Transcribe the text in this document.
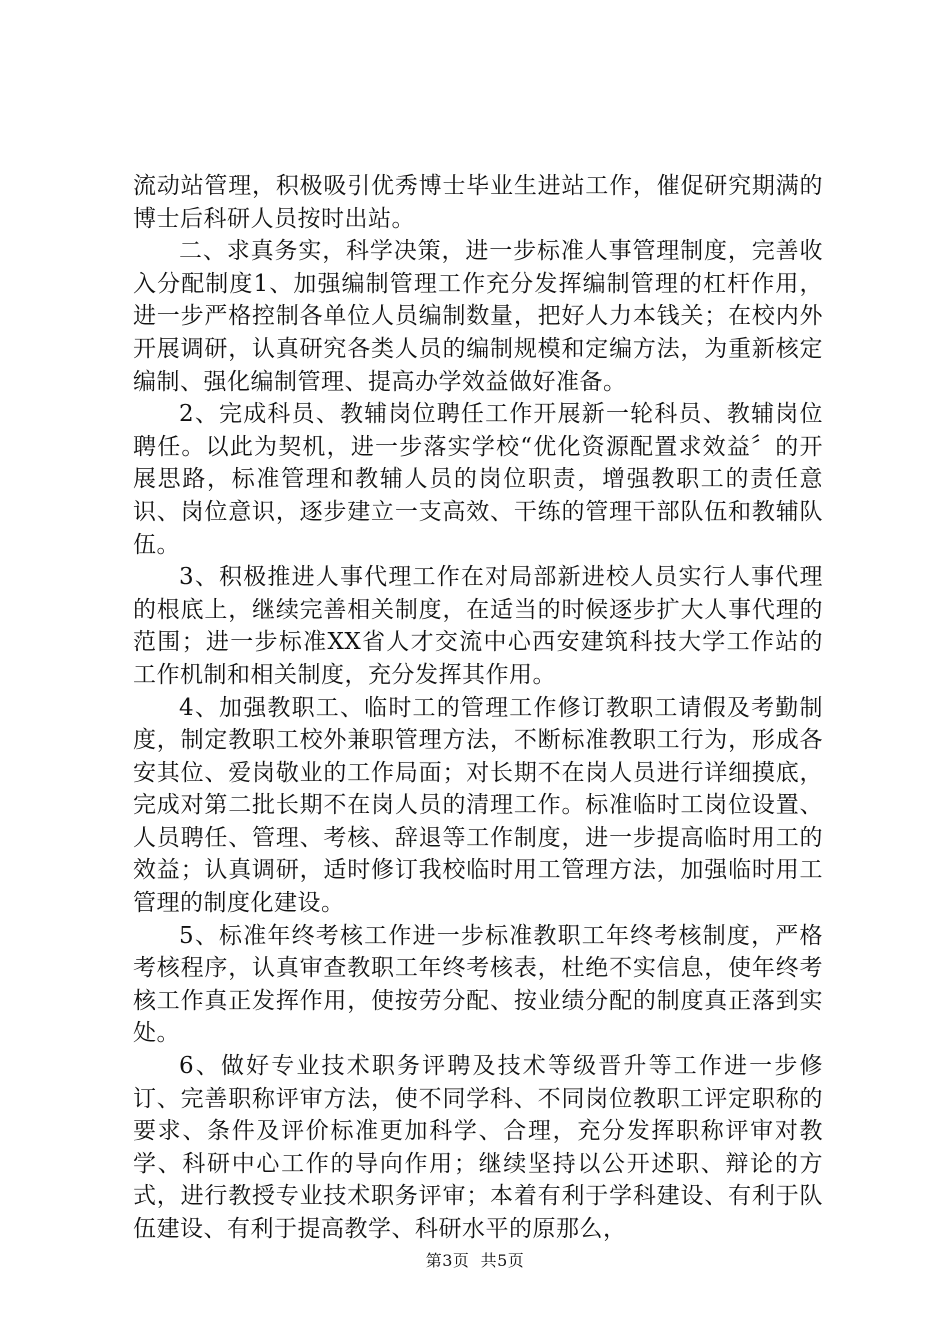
流动站管理，积极吸引优秀博士毕业生进站工作，催促研究期满的博士后科研人员按时出站。

二、求真务实，科学决策，进一步标准人事管理制度，完善收入分配制度1、加强编制管理工作充分发挥编制管理的杠杆作用，进一步严格控制各单位人员编制数量，把好人力本钱关；在校内外开展调研，认真研究各类人员的编制规模和定编方法，为重新核定编制、强化编制管理、提高办学效益做好准备。

2、完成科员、教辅岗位聘任工作开展新一轮科员、教辅岗位聘任。以此为契机，进一步落实学校“优化资源配置求效益〞的开展思路，标准管理和教辅人员的岗位职责，增强教职工的责任意识、岗位意识，逐步建立一支高效、干练的管理干部队伍和教辅队伍。

3、积极推进人事代理工作在对局部新进校人员实行人事代理的根底上，继续完善相关制度，在适当的时候逐步扩大人事代理的范围；进一步标准XX省人才交流中心西安建筑科技大学工作站的工作机制和相关制度，充分发挥其作用。

4、加强教职工、临时工的管理工作修订教职工请假及考勤制度，制定教职工校外兼职管理方法，不断标准教职工行为，形成各安其位、爱岗敬业的工作局面；对长期不在岗人员进行详细摸底，完成对第二批长期不在岗人员的清理工作。标准临时工岗位设置、人员聘任、管理、考核、辞退等工作制度，进一步提高临时用工的效益；认真调研，适时修订我校临时用工管理方法，加强临时用工管理的制度化建设。

5、标准年终考核工作进一步标准教职工年终考核制度，严格考核程序，认真审查教职工年终考核表，杜绝不实信息，使年终考核工作真正发挥作用，使按劳分配、按业绩分配的制度真正落到实处。

6、做好专业技术职务评聘及技术等级晋升等工作进一步修订、完善职称评审方法，使不同学科、不同岗位教职工评定职称的要求、条件及评价标准更加科学、合理，充分发挥职称评审对教学、科研中心工作的导向作用；继续坚持以公开述职、辩论的方式，进行教授专业技术职务评审；本着有利于学科建设、有利于队伍建设、有利于提高教学、科研水平的原那么，

第3页 共5页
